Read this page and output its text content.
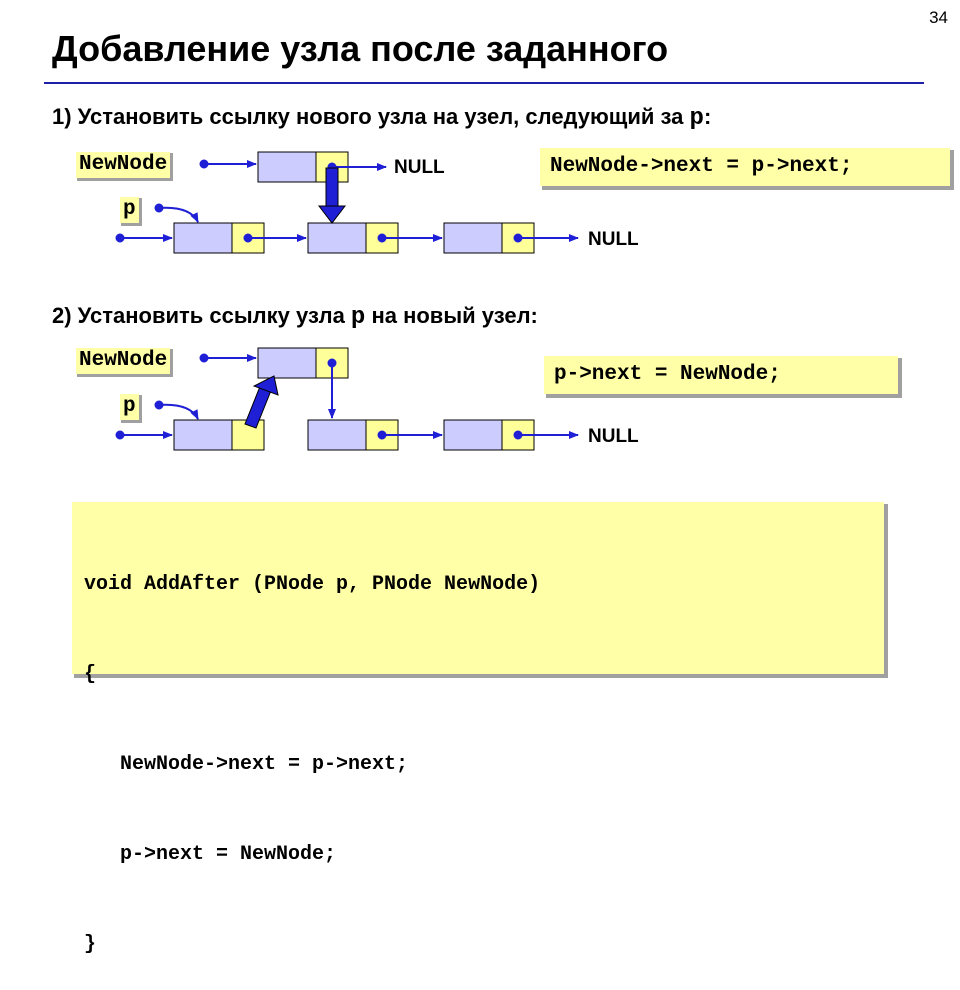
34
Добавление узла после заданного
1) Установить ссылку нового узла на узел, следующий за p:
2) Установить ссылку узла p на новый узел:
NewNode
p
NULL
NULL
NewNode->next = p->next;
NewNode
p
NULL
p->next = NewNode;

void AddAfter (PNode p, PNode NewNode)

{

NewNode->next = p->next;

p->next = NewNode;

}
